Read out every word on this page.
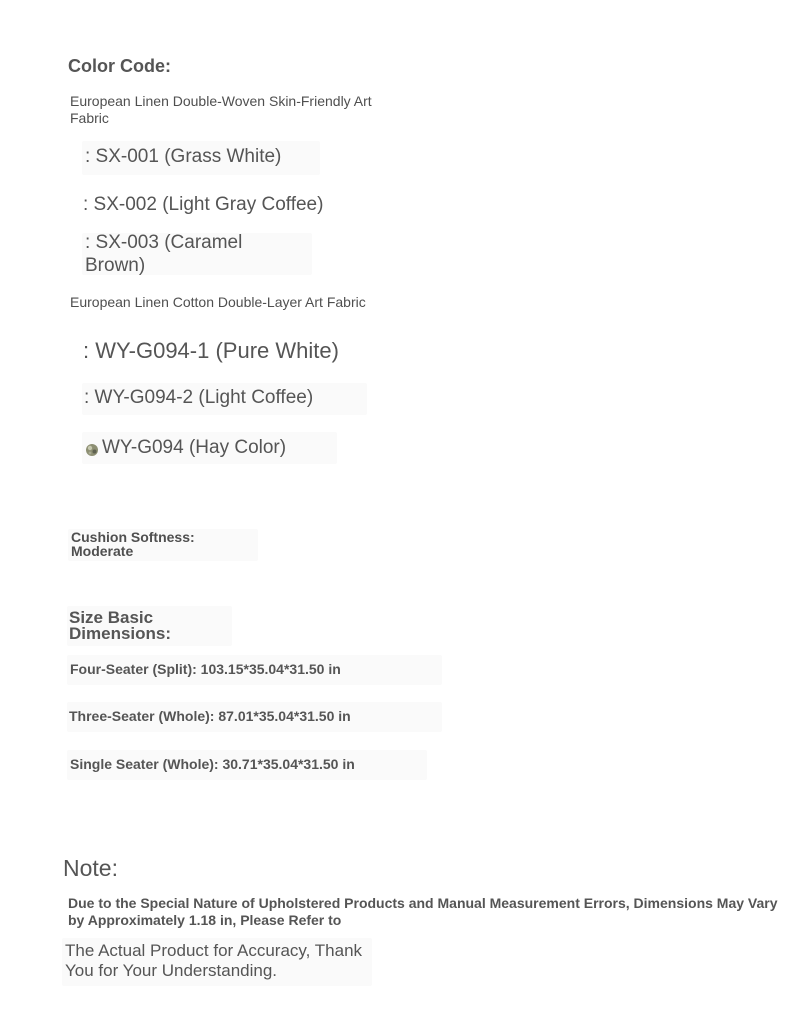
Color Code:

European Linen Double-Woven Skin-Friendly Art Fabric

: SX-001 (Grass White)

: SX-002 (Light Gray Coffee)

: SX-003 (Caramel Brown)

European Linen Cotton Double-Layer Art Fabric

: WY-G094-1 (Pure White)

: WY-G094-2 (Light Coffee)

WY-G094 (Hay Color)

Cushion Softness: Moderate

Size Basic Dimensions:

Four-Seater (Split): 103.15*35.04*31.50 in

Three-Seater (Whole): 87.01*35.04*31.50 in

Single Seater (Whole): 30.71*35.04*31.50 in

Note:

Due to the Special Nature of Upholstered Products and Manual Measurement Errors, Dimensions May Vary by Approximately 1.18 in, Please Refer to

The Actual Product for Accuracy, Thank You for Your Understanding.
